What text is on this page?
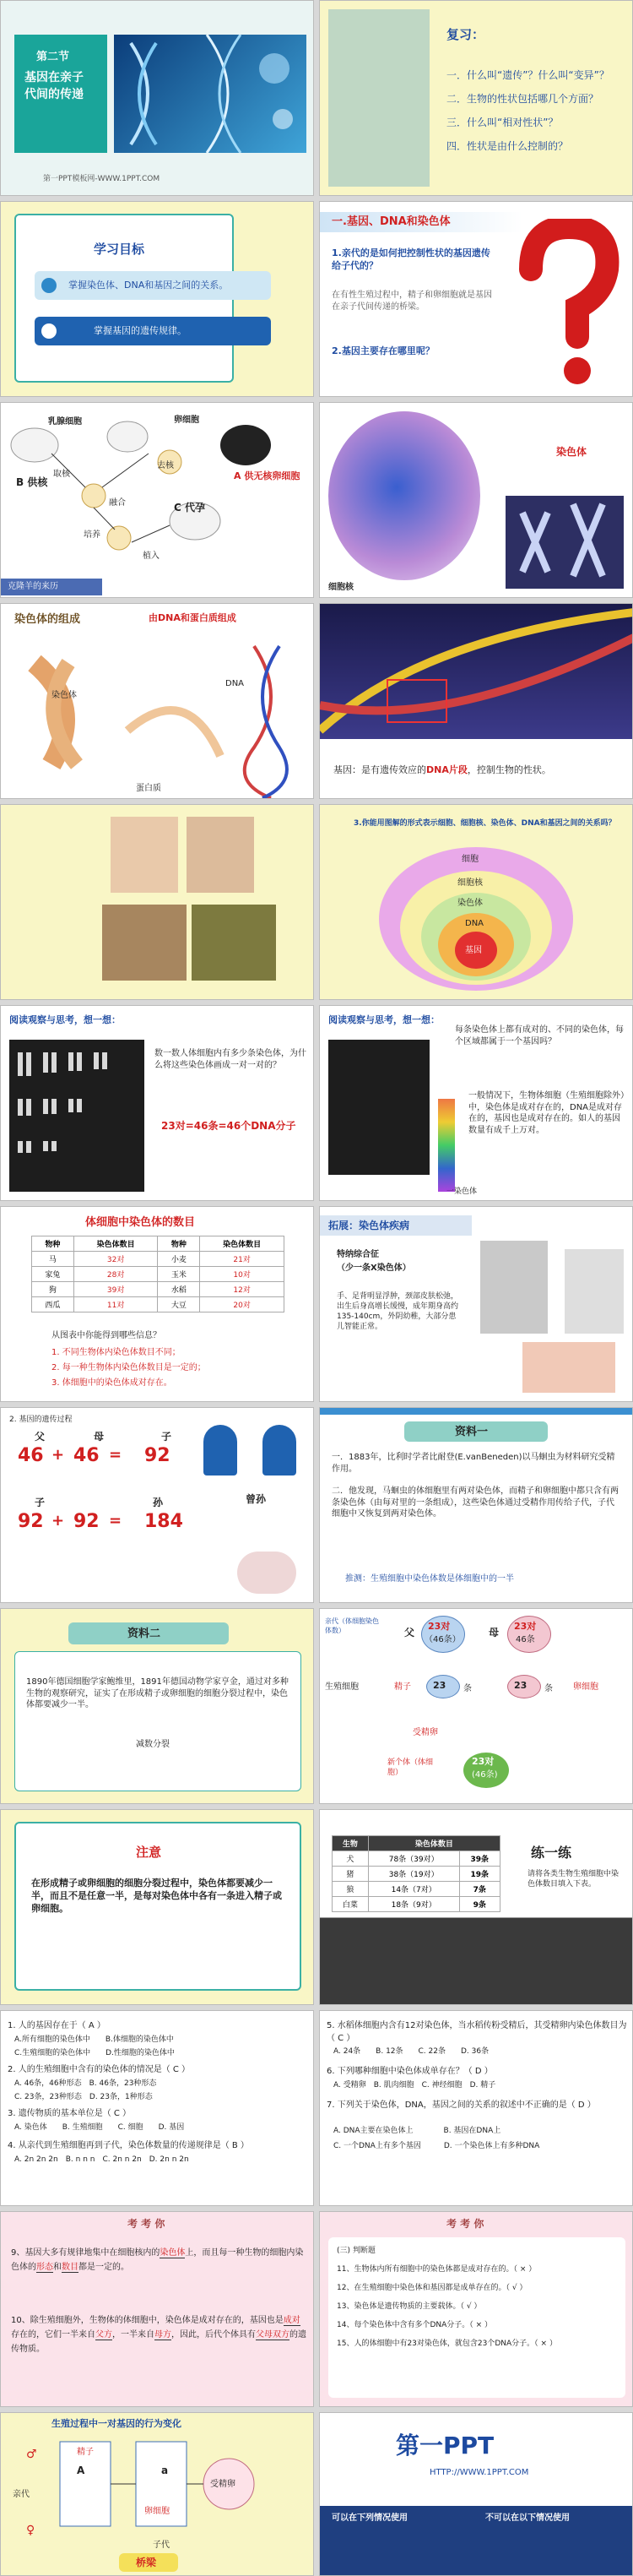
第二节
基因在亲子
代间的传递
第一PPT模板网-WWW.1PPT.COM
复习：
一．什么叫“遗传”？什么叫“变异”？
二．生物的性状包括哪几个方面？
三．什么叫“相对性状”？
四．性状是由什么控制的？
学习目标
掌握染色体、DNA和基因之间的关系。
掌握基因的遗传规律。
一.基因、DNA和染色体
1.亲代的是如何把控制性状的基因遗传给子代的？
在有性生殖过程中，精子和卵细胞就是基因在亲子代间传递的桥梁。
2.基因主要存在哪里呢？
乳腺细胞	卵细胞
取核
去核
融合
培养
植入
B 供核
C 代孕
A 供无核卵细胞
克隆羊的来历
染色体
细胞核
染色体的组成	由DNA和蛋白质组成
染色体
DNA
蛋白质
基因：是有遗传效应的DNA片段，控制生物的性状。
3.你能用图解的形式表示细胞、细胞核、染色体、DNA和基因之间的关系吗？
细胞
细胞核
染色体
DNA
基因
阅读观察与思考，想一想：
数一数人体细胞内有多少条染色体，为什么将这些染色体画成一对一对的？
23对=46条=46个DNA分子
阅读观察与思考，想一想：
每条染色体上都有成对的、不同的染色体，每个区域都属于一个基因吗？
一般情况下，生物体细胞（生殖细胞除外）中，染色体是成对存在的，DNA是成对存在的，基因也是成对存在的。如人的基因数量有成千上万对。
一染色体
体细胞中染色体的数目
物种	染色体数目	物种	染色体数目
马	32对	小麦	21对
家兔	28对	玉米	10对
狗	39对	水稻	12对
西瓜	11对	大豆	20对
从图表中你能得到哪些信息？
1. 不同生物体内染色体数目不同；
2. 每一种生物体内染色体数目是一定的；
3. 体细胞中的染色体成对存在。
拓展：染色体疾病
特纳综合征
（少一条X染色体）
手、足背明显浮肿，颈部皮肤松弛，出生后身高增长缓慢，成年期身高约135-140cm，外阴幼稚，大部分患儿智能正常。
2. 基因的遗传过程
父	母	子
46 + 46 = 92
子	孙
92 + 92 = 184
曾孙
资料一
一．1883年，比利时学者比耐登(E.vanBeneden)以马蛔虫为材料研究受精作用。
二．他发现，马蛔虫的体细胞里有两对染色体，而精子和卵细胞中都只含有两条染色体（由每对里的一条组成），这些染色体通过受精作用传给子代，子代细胞中又恢复到两对染色体。
推测：生殖细胞中染色体数是体细胞中的一半
资料二
1890年德国细胞学家鲍维里，1891年德国动物学家亨金，通过对多种生物的观察研究，证实了在形成精子或卵细胞的细胞分裂过程中，染色体都要减少一半。
减数分裂
亲代（体细胞染色体数）	父
23对
（46条）
母
23对
46条
生殖细胞	精子 23 条	23 条 卵细胞
受精卵
新个体（体细胞）
23对
(46条)
注意
在形成精子或卵细胞的细胞分裂过程中，染色体都要减少一半，而且不是任意一半，是每对染色体中各有一条进入精子或卵细胞。
生物	染色体数目	
犬	78条（39对）	39条
猪	38条（19对）	19条
狼	14条（7对）	7条
白菜	18条（9对）	9条
练一练
请将各类生物生殖细胞中染色体数目填入下表。
1. 人的基因存在于（ A ）
A.所有细胞的染色体中　　B.体细胞的染色体中
C.生殖细胞的染色体中　　D.性细胞的染色体中
2. 人的生殖细胞中含有的染色体的情况是（ C ）
A. 46条，46种形态　B. 46条，23种形态
C. 23条，23种形态　D. 23条，1种形态
3. 遗传物质的基本单位是（ C ）
A. 染色体　　B. 生殖细胞　　C. 细胞　　D. 基因
4. 从亲代到生殖细胞再到子代，染色体数量的传递规律是（ B ）
A. 2n 2n 2n　B. n n n　C. 2n n 2n　D. 2n n 2n
5. 水稻体细胞内含有12对染色体，当水稻传粉受精后，其受精卵内染色体数目为（ C ）
A. 24条　　B. 12条　　C. 22条　　D. 36条
6. 下列哪种细胞中染色体成单存在？（ D ）
A. 受精卵　B. 肌肉细胞　C. 神经细胞　D. 精子
7. 下列关于染色体，DNA，基因之间的关系的叙述中不正确的是（ D ）
A. DNA主要在染色体上　　　　B. 基因在DNA上
C. 一个DNA上有多个基因　　　D. 一个染色体上有多种DNA
考 考 你
9、基因大多有规律地集中在细胞核内的染色体上，而且每一种生物的细胞内染色体的形态和数目都是一定的。
10、除生殖细胞外，生物体的体细胞中，染色体是成对存在的，基因也是成对存在的，它们一半来自父方，一半来自母方，因此，后代个体具有父母双方的遗传物质。
考 考 你
(三) 判断题
11、生物体内所有细胞中的染色体都是成对存在的。（ × ）
12、在生殖细胞中染色体和基因都是成单存在的。（ √ ）
13、染色体是遗传物质的主要载体。（ √ ）
14、每个染色体中含有多个DNA分子。（ × ）
15、人的体细胞中有23对染色体，就包含23个DNA分子。（ × ）
生殖过程中一对基因的行为变化
亲代
子代
精子
卵细胞
受精卵
桥梁
A	a
♂
♀
第一PPT
HTTP://WWW.1PPT.COM
可以在下列情况使用	不可以在以下情况使用
